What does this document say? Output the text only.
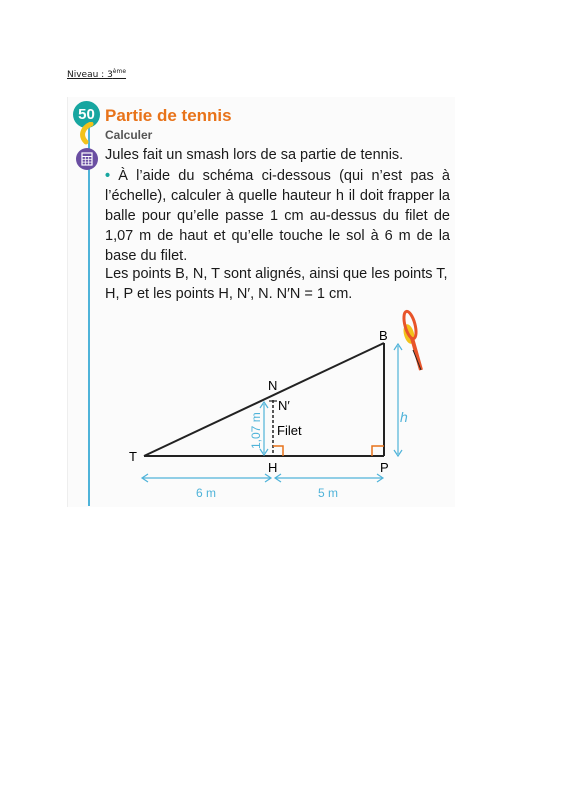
Niveau : 3ème
50 Partie de tennis
Calculer
Jules fait un smash lors de sa partie de tennis.
• À l’aide du schéma ci-dessous (qui n’est pas à l’échelle), calculer à quelle hauteur h il doit frapper la balle pour qu’elle passe 1 cm au-dessus du filet de 1,07 m de haut et qu’elle touche le sol à 6 m de la base du filet.
Les points B, N, T sont alignés, ainsi que les points T, H, P et les points H, N′, N. N′N = 1 cm.
B
N
N′
T
H	P
Filet
h
1,07 m
6 m	5 m
